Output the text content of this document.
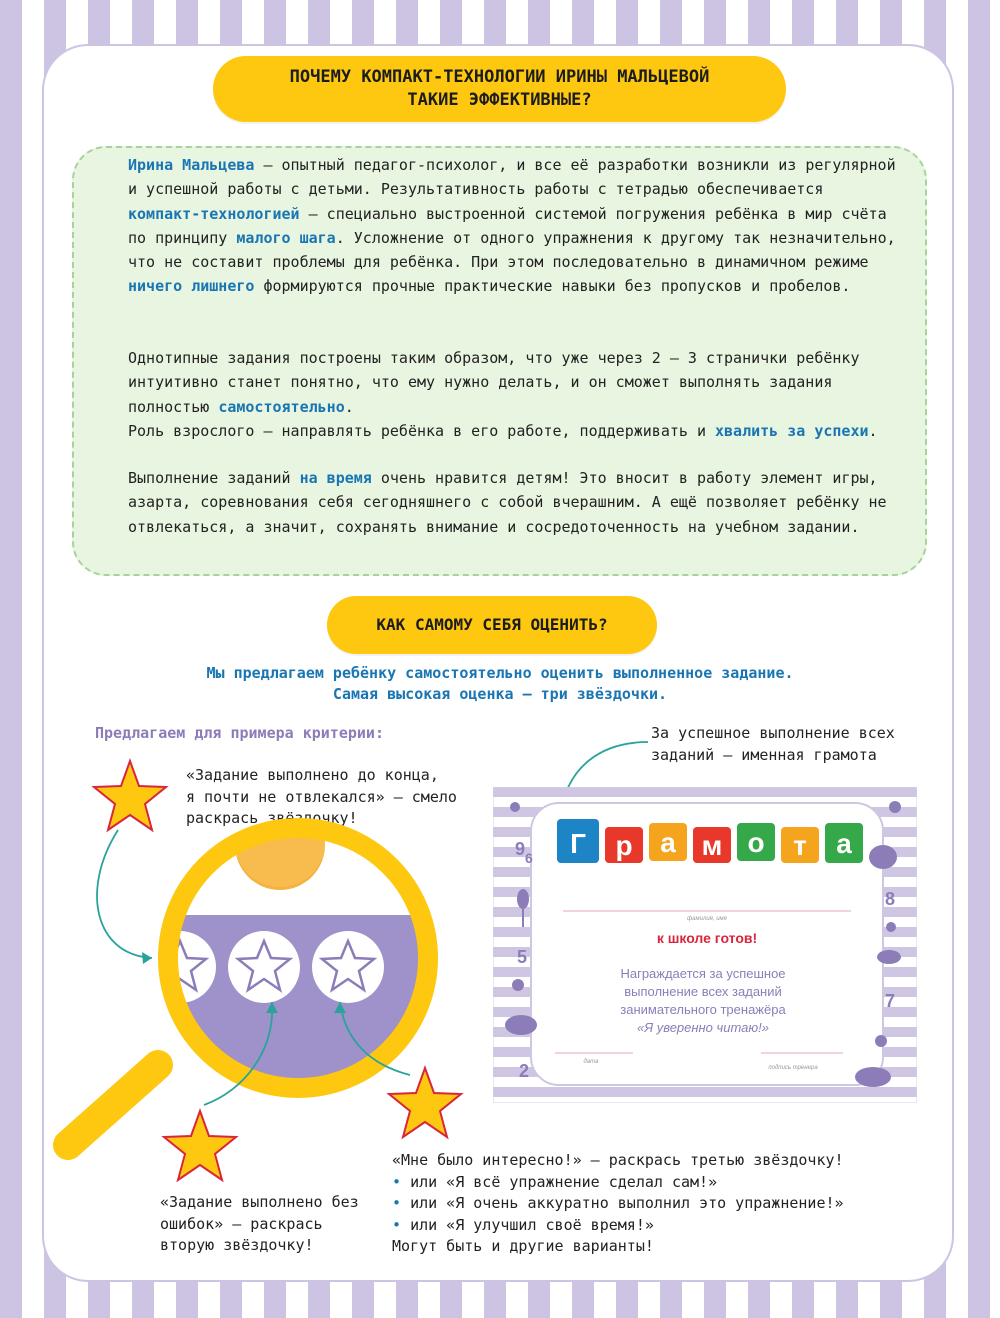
ПОЧЕМУ КОМПАКТ-ТЕХНОЛОГИИ ИРИНЫ МАЛЬЦЕВОЙ
ТАКИЕ ЭФФЕКТИВНЫЕ?

Ирина Мальцева — опытный педагог-психолог, и все её разработки возникли из регулярной и успешной работы с детьми. Результативность работы с тетрадью обеспечивается компакт-технологией — специально выстроенной системой погружения ребёнка в мир счёта по принципу малого шага. Усложнение от одного упражнения к другому так незначительно, что не составит проблемы для ребёнка. При этом последовательно в динамичном режиме ничего лишнего формируются прочные практические навыки без пропусков и пробелов.

Однотипные задания построены таким образом, что уже через 2 – 3 странички ребёнку интуитивно станет понятно, что ему нужно делать, и он сможет выполнять задания полностью самостоятельно.
Роль взрослого — направлять ребёнка в его работе, поддерживать и хвалить за успехи.

Выполнение заданий на время очень нравится детям! Это вносит в работу элемент игры, азарта, соревнования себя сегодняшнего с собой вчерашним. А ещё позволяет ребёнку не отвлекаться, а значит, сохранять внимание и сосредоточенность на учебном задании.

КАК САМОМУ СЕБЯ ОЦЕНИТЬ?
Мы предлагаем ребёнку самостоятельно оценить выполненное задание.
Самая высокая оценка — три звёздочки.
Предлагаем для примера критерии:

«Задание выполнено до конца,
я почти не отвлекался» — смело
раскрась звёздочку!

За успешное выполнение всех
заданий — именная грамота

«Задание выполнено без
ошибок» — раскрась
вторую звёздочку!

«Мне было интересно!» — раскрась третью звёздочку!
• или «Я всё упражнение сделал сам!»
• или «Я очень аккуратно выполнил это упражнение!»
• или «Я улучшил своё время!»
Могут быть и другие варианты!

Г р а м о т а
фамилия, имя
к школе готов!
Награждается за успешное
выполнение всех заданий
занимательного тренажёра
«Я уверенно читаю!»
дата
подпись тренера
9
5
2
8
7
6
